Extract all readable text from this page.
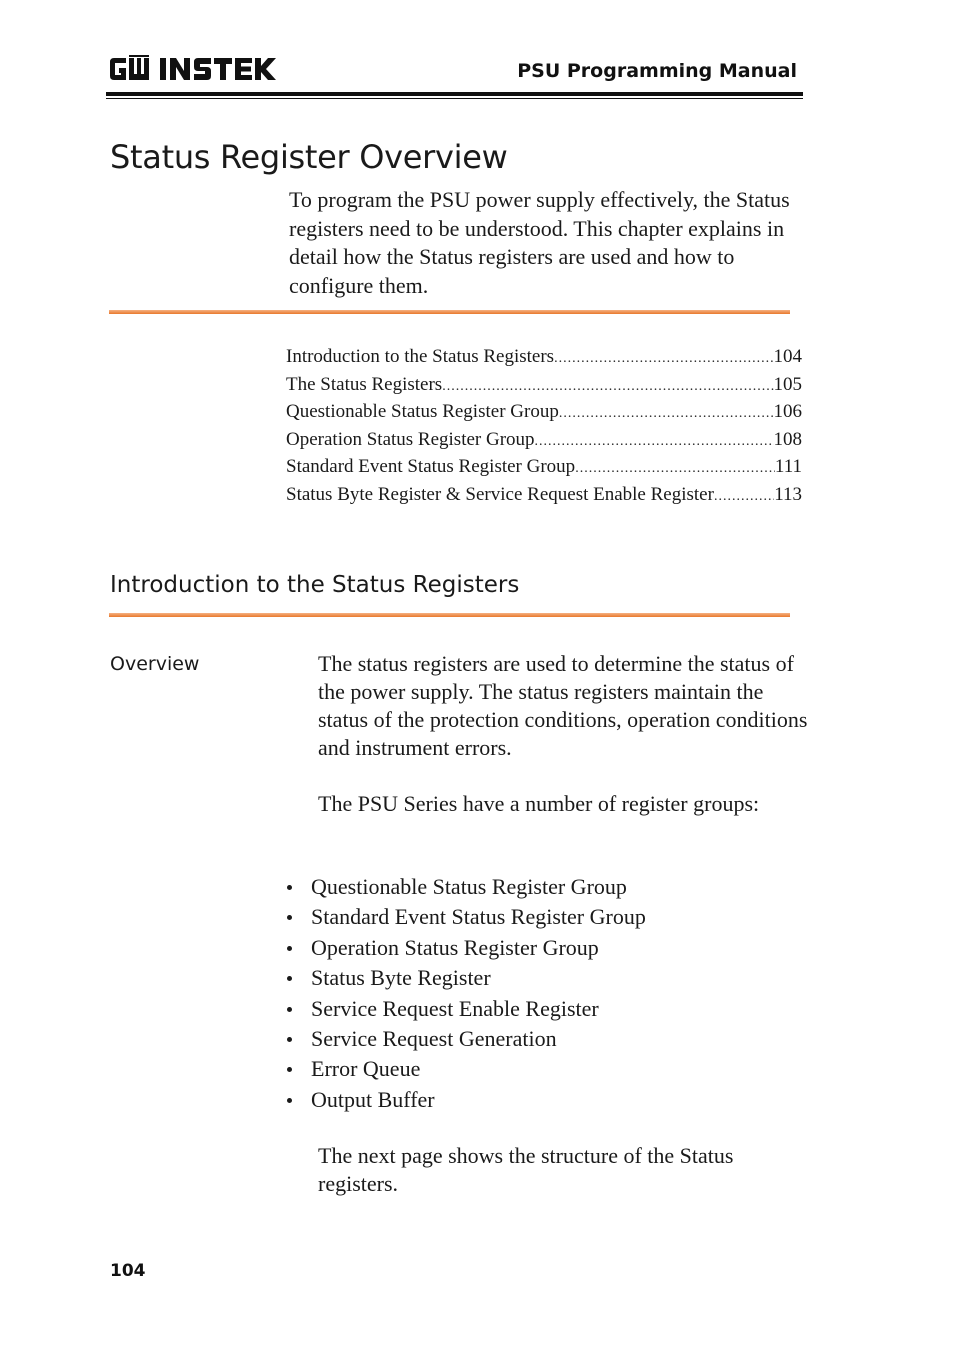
PSU Programming Manual
Status Register Overview
To program the PSU power supply effectively, the Status registers need to be understood. This chapter explains in detail how the Status registers are used and how to configure them.
Introduction to the Status Registers .....	104
The Status Registers .....	105
Questionable Status Register Group .....	106
Operation Status Register Group .....	108
Standard Event Status Register Group .....	111
Status Byte Register & Service Request Enable Register .....	113
Introduction to the Status Registers
Overview	The status registers are used to determine the status of the power supply. The status registers maintain the status of the protection conditions, operation conditions and instrument errors.
The PSU Series have a number of register groups:
Questionable Status Register Group
Standard Event Status Register Group
Operation Status Register Group
Status Byte Register
Service Request Enable Register
Service Request Generation
Error Queue
Output Buffer
The next page shows the structure of the Status registers.
104
